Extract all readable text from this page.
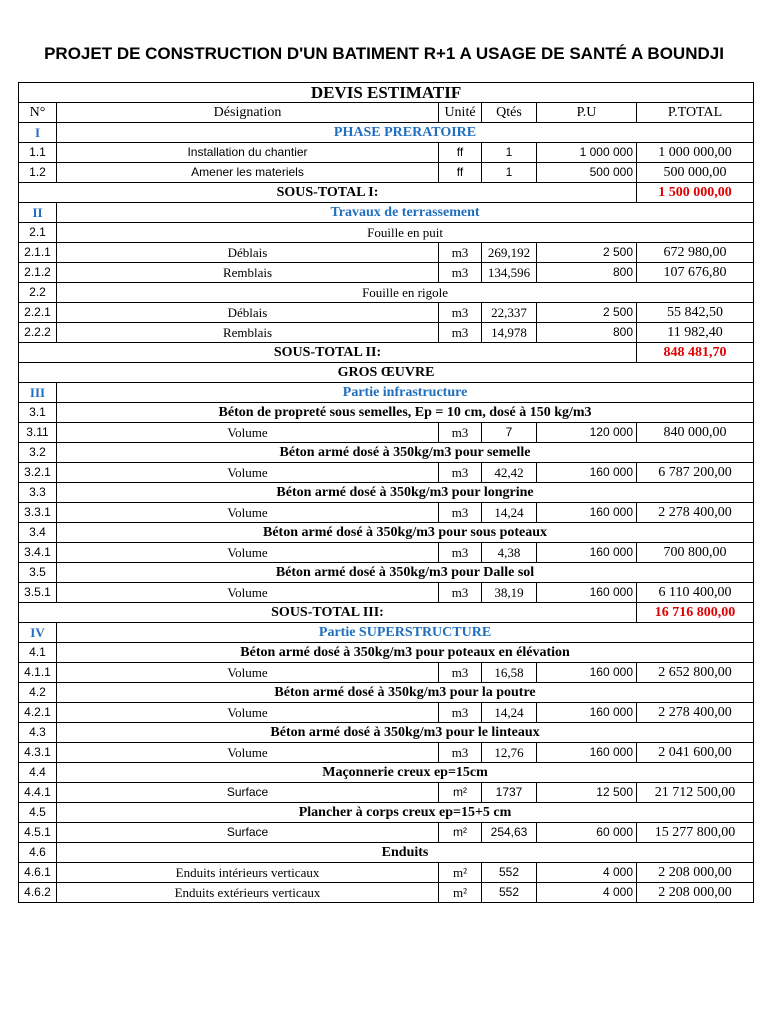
PROJET DE CONSTRUCTION D'UN BATIMENT R+1 A USAGE DE SANTÉ A BOUNDJI
DEVIS ESTIMATIF					
N°	Désignation	Unité	Qtés	P.U	P.TOTAL
I	PHASE PRERATOIRE				
1.1	Installation du chantier	ff	1	1 000 000	1 000 000,00
1.2	Amener les materiels	ff	1	500 000	500 000,00
SOUS-TOTAL I:					1 500 000,00
II	Travaux de terrassement				
2.1	Fouille en puit				
2.1.1	Déblais	m3	269,192	2 500	672 980,00
2.1.2	Remblais	m3	134,596	800	107 676,80
2.2	Fouille en rigole				
2.2.1	Déblais	m3	22,337	2 500	55 842,50
2.2.2	Remblais	m3	14,978	800	11 982,40
SOUS-TOTAL II:					848 481,70
GROS ŒUVRE					
III	Partie infrastructure				
3.1	Béton de propreté sous semelles, Ep = 10 cm, dosé à 150 kg/m3				
3.11	Volume	m3	7	120 000	840 000,00
3.2	Béton armé dosé à 350kg/m3 pour semelle				
3.2.1	Volume	m3	42,42	160 000	6 787 200,00
3.3	Béton armé dosé à 350kg/m3 pour longrine				
3.3.1	Volume	m3	14,24	160 000	2 278 400,00
3.4	Béton armé dosé à 350kg/m3 pour sous poteaux				
3.4.1	Volume	m3	4,38	160 000	700 800,00
3.5	Béton armé dosé à 350kg/m3 pour Dalle sol				
3.5.1	Volume	m3	38,19	160 000	6 110 400,00
SOUS-TOTAL III:					16 716 800,00
IV	Partie SUPERSTRUCTURE				
4.1	Béton armé dosé à 350kg/m3 pour poteaux en élévation				
4.1.1	Volume	m3	16,58	160 000	2 652 800,00
4.2	Béton armé dosé à 350kg/m3 pour la poutre				
4.2.1	Volume	m3	14,24	160 000	2 278 400,00
4.3	Béton armé dosé à 350kg/m3 pour le linteaux				
4.3.1	Volume	m3	12,76	160 000	2 041 600,00
4.4	Maçonnerie creux ep=15cm				
4.4.1	Surface	m²	1737	12 500	21 712 500,00
4.5	Plancher à corps creux ep=15+5 cm				
4.5.1	Surface	m²	254,63	60 000	15 277 800,00
4.6	Enduits				
4.6.1	Enduits intérieurs verticaux	m²	552	4 000	2 208 000,00
4.6.2	Enduits extérieurs verticaux	m²	552	4 000	2 208 000,00
